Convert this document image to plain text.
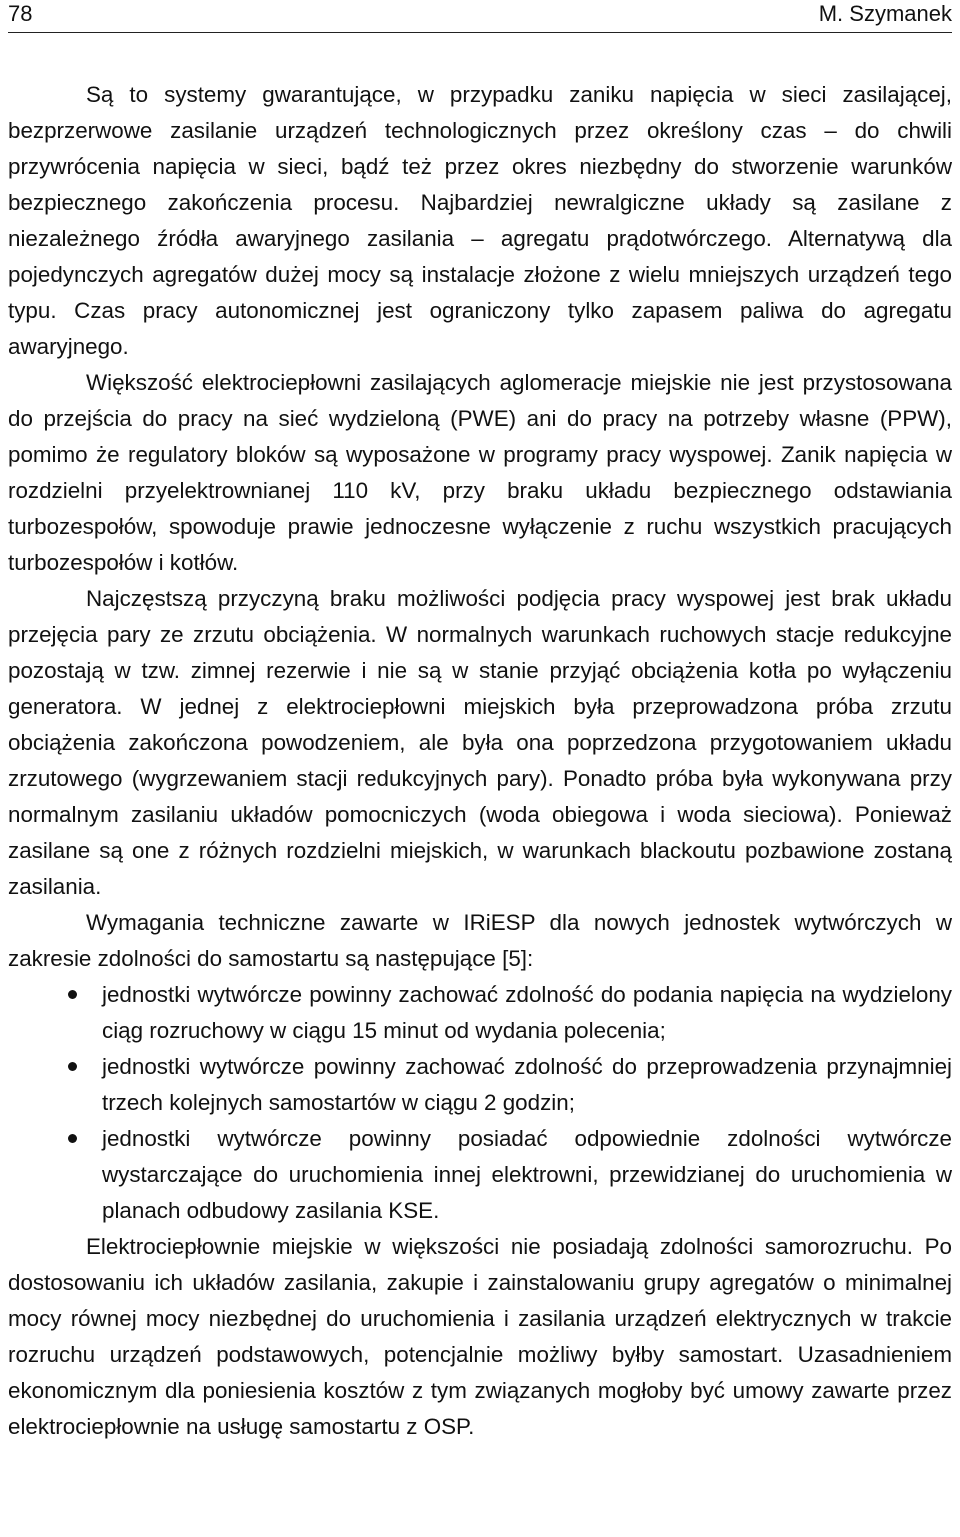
78	M. Szymanek

Są to systemy gwarantujące, w przypadku zaniku napięcia w sieci zasilającej, bezprzerwowe zasilanie urządzeń technologicznych przez określony czas – do chwili przywrócenia napięcia w sieci, bądź też przez okres niezbędny do stworzenie warunków bezpiecznego zakończenia procesu. Najbardziej newralgiczne układy są zasilane z niezależnego źródła awaryjnego zasilania – agregatu prądotwórczego. Alternatywą dla pojedynczych agregatów dużej mocy są instalacje złożone z wielu mniejszych urządzeń tego typu. Czas pracy autonomicznej jest ograniczony tylko zapasem paliwa do agregatu awaryjnego.

Większość elektrociepłowni zasilających aglomeracje miejskie nie jest przystosowana do przejścia do pracy na sieć wydzieloną (PWE) ani do pracy na potrzeby własne (PPW), pomimo że regulatory bloków są wyposażone w programy pracy wyspowej. Zanik napięcia w rozdzielni przyelektrownianej 110 kV, przy braku układu bezpiecznego odstawiania turbozespołów, spowoduje prawie jednoczesne wyłączenie z ruchu wszystkich pracujących turbozespołów i kotłów.

Najczęstszą przyczyną braku możliwości podjęcia pracy wyspowej jest brak układu przejęcia pary ze zrzutu obciążenia. W normalnych warunkach ruchowych stacje redukcyjne pozostają w tzw. zimnej rezerwie i nie są w stanie przyjąć obciążenia kotła po wyłączeniu generatora. W jednej z elektrociepłowni miejskich była przeprowadzona próba zrzutu obciążenia zakończona powodzeniem, ale była ona poprzedzona przygotowaniem układu zrzutowego (wygrzewaniem stacji redukcyjnych pary). Ponadto próba była wykonywana przy normalnym zasilaniu układów pomocniczych (woda obiegowa i woda sieciowa). Ponieważ zasilane są one z różnych rozdzielni miejskich, w warunkach blackoutu pozbawione zostaną zasilania.

Wymagania techniczne zawarte w IRiESP dla nowych jednostek wytwórczych w zakresie zdolności do samostartu są następujące [5]:

jednostki wytwórcze powinny zachować zdolność do podania napięcia na wydzielony ciąg rozruchowy w ciągu 15 minut od wydania polecenia;
jednostki wytwórcze powinny zachować zdolność do przeprowadzenia przynajmniej trzech kolejnych samostartów w ciągu 2 godzin;
jednostki wytwórcze powinny posiadać odpowiednie zdolności wytwórcze wystarczające do uruchomienia innej elektrowni, przewidzianej do uruchomienia w planach odbudowy zasilania KSE.

Elektrociepłownie miejskie w większości nie posiadają zdolności samorozruchu. Po dostosowaniu ich układów zasilania, zakupie i zainstalowaniu grupy agregatów o minimalnej mocy równej mocy niezbędnej do uruchomienia i zasilania urządzeń elektrycznych w trakcie rozruchu urządzeń podstawowych, potencjalnie możliwy byłby samostart. Uzasadnieniem ekonomicznym dla poniesienia kosztów z tym związanych mogłoby być umowy zawarte przez elektrociepłownie na usługę samostartu z OSP.
